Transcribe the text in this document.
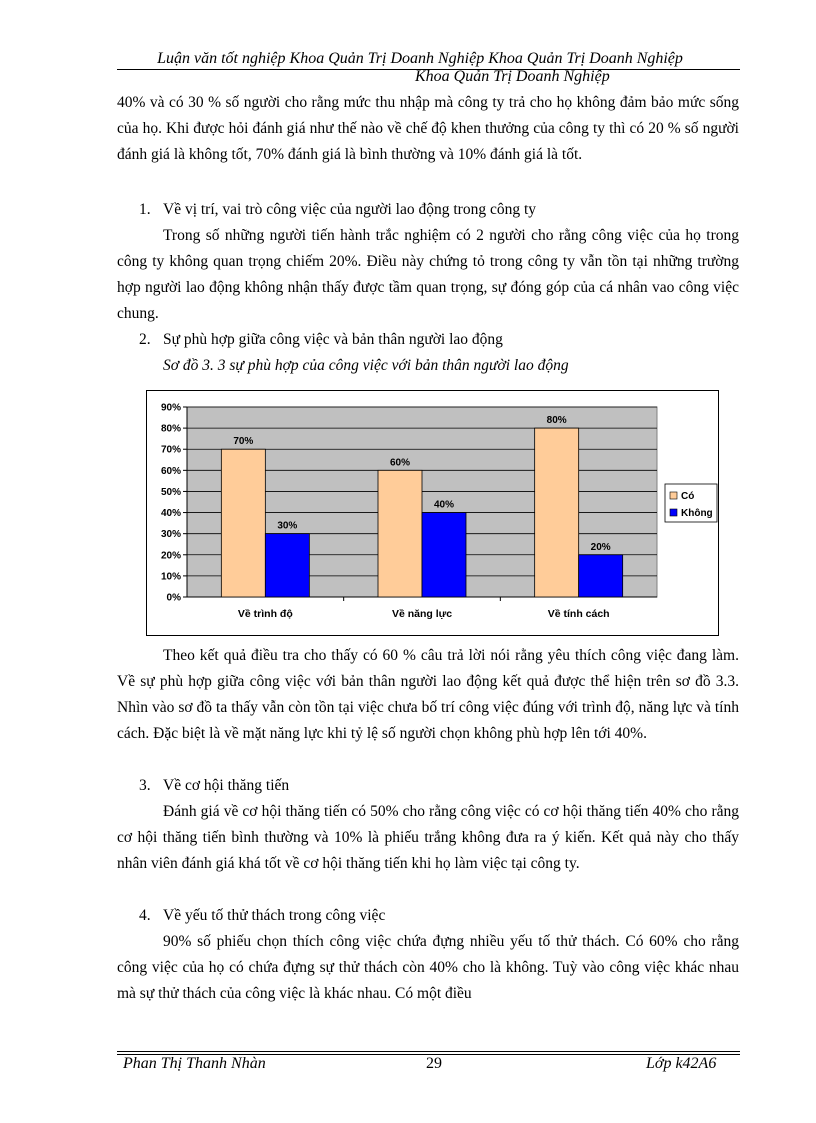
Luận văn tốt nghiệp Khoa Quản Trị Doanh Nghiệp Khoa Quản Trị Doanh Nghiệp
Khoa Quản Trị Doanh Nghiệp

40% và có 30 % số người cho rằng mức thu nhập mà công ty trả cho họ không đảm bảo mức sống của họ. Khi được hỏi đánh giá như thế nào về chế độ khen thưởng của công ty thì có 20 % số người đánh giá là không tốt, 70% đánh giá là bình thường và 10% đánh giá là tốt.

1. Về vị trí, vai trò công việc của người lao động trong công ty

Trong số những người tiến hành trắc nghiệm có 2 người cho rằng công việc của họ trong công ty không quan trọng chiếm 20%. Điều này chứng tỏ trong công ty vẫn tồn tại những trường hợp người lao động không nhận thấy được tầm quan trọng, sự đóng góp của cá nhân vao công việc chung.

2. Sự phù hợp giữa công việc và bản thân người lao động
Sơ đồ 3. 3 sự phù hợp của công việc với bản thân người lao động
0%
10%
20%
30%
40%
50%
60%
70%
80%
90%
70%
30%
Về trình độ
60%
40%
Về năng lực
80%
20%
Về tính cách
Có
Không

Theo kết quả điều tra cho thấy có 60 % câu trả lời nói rằng yêu thích công việc đang làm. Về sự phù hợp giữa công việc với bản thân người lao động kết quả được thể hiện trên sơ đồ 3.3. Nhìn vào sơ đồ ta thấy vẫn còn tồn tại việc chưa bố trí công việc đúng với trình độ, năng lực và tính cách. Đặc biệt là về mặt năng lực khi tỷ lệ số người chọn không phù hợp lên tới 40%.

3. Về cơ hội thăng tiến

Đánh giá về cơ hội thăng tiến có 50% cho rằng công việc có cơ hội thăng tiến 40% cho rằng cơ hội thăng tiến bình thường và 10% là phiếu trắng không đưa ra ý kiến. Kết quả này cho thấy nhân viên đánh giá khá tốt về cơ hội thăng tiến khi họ làm việc tại công ty.

4. Về yếu tố thử thách trong công việc

90% số phiếu chọn thích công việc chứa đựng nhiều yếu tố thử thách. Có 60% cho rằng công việc của họ có chứa đựng sự thử thách còn 40% cho là không. Tuỳ vào công việc khác nhau mà sự thử thách của công việc là khác nhau. Có một điều

Phan Thị Thanh Nhàn	29	Lớp k42A6
